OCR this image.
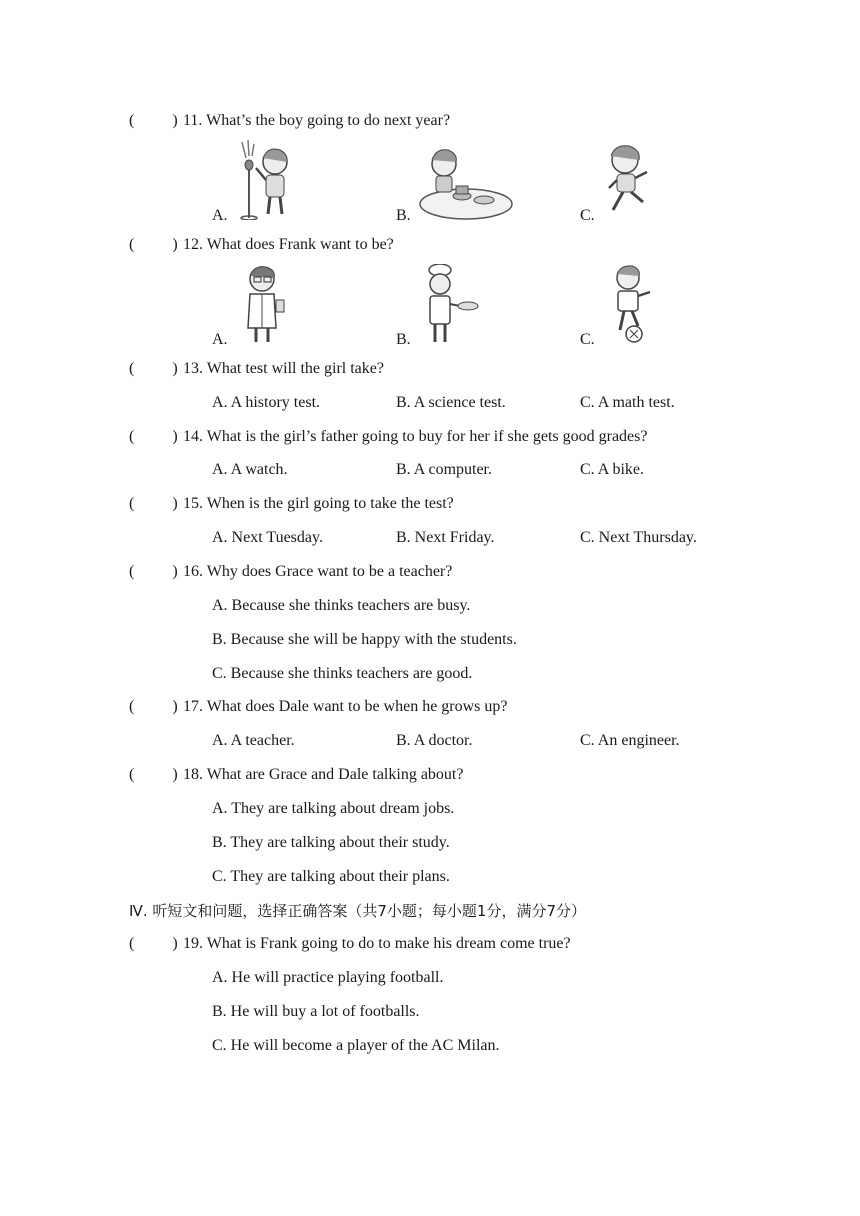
( ) 11. What’s the boy going to do next year?
A.	B.	C.
( ) 12. What does Frank want to be?
A.	B.	C.
( ) 13. What test will the girl take?
A. A history test.	B. A science test.	C. A math test.
( ) 14. What is the girl’s father going to buy for her if she gets good grades?
A. A watch.	B. A computer.	C. A bike.
( ) 15. When is the girl going to take the test?
A. Next Tuesday.	B. Next Friday.	C. Next Thursday.
( ) 16. Why does Grace want to be a teacher?
A. Because she thinks teachers are busy.
B. Because she will be happy with the students.
C. Because she thinks teachers are good.
( ) 17. What does Dale want to be when he grows up?
A. A teacher.	B. A doctor.	C. An engineer.
( ) 18. What are Grace and Dale talking about?
A. They are talking about dream jobs.
B. They are talking about their study.
C. They are talking about their plans.
Ⅳ. 听短文和问题，选择正确答案（共7小题；每小题1分，满分7分）
( ) 19. What is Frank going to do to make his dream come true?
A. He will practice playing football.
B. He will buy a lot of footballs.
C. He will become a player of the AC Milan.
